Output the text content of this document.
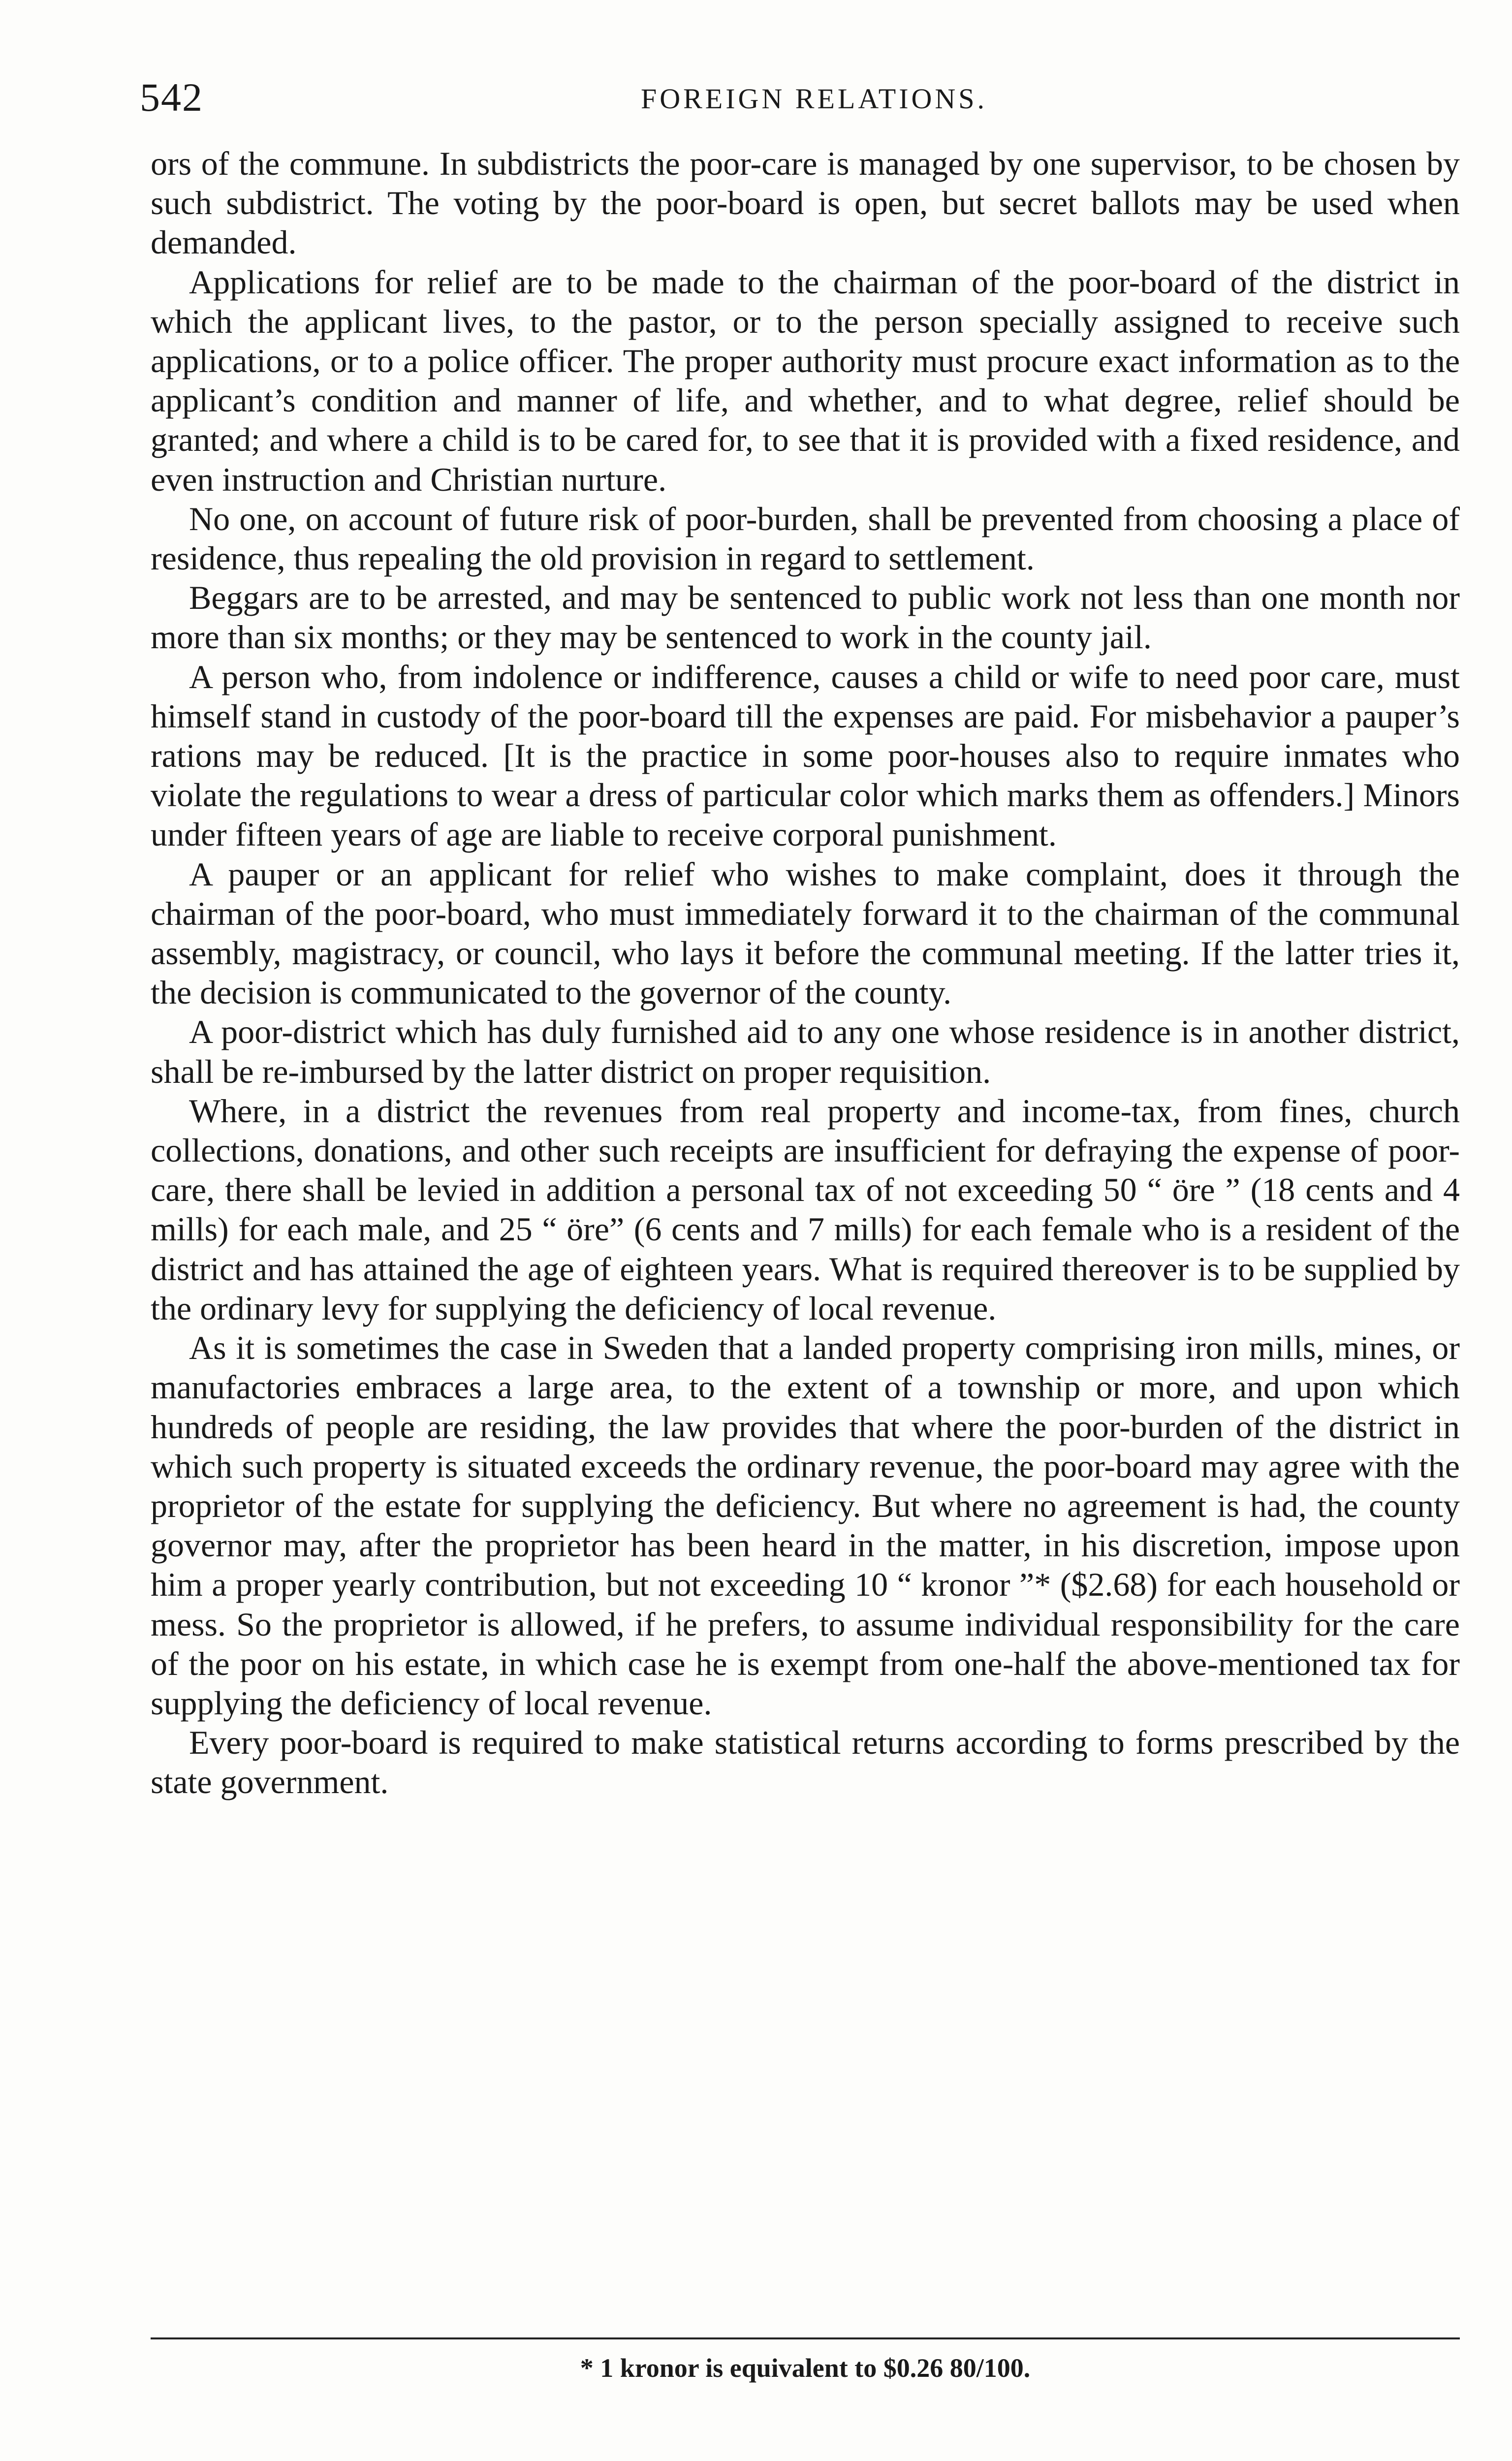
542	FOREIGN RELATIONS.

ors of the commune. In subdistricts the poor-care is managed by one supervisor, to be chosen by such subdistrict. The voting by the poor-board is open, but secret ballots may be used when demanded.

Applications for relief are to be made to the chairman of the poor-board of the district in which the applicant lives, to the pastor, or to the person specially assigned to receive such applications, or to a police officer. The proper authority must procure exact information as to the applicant’s condition and manner of life, and whether, and to what degree, relief should be granted; and where a child is to be cared for, to see that it is provided with a fixed residence, and even instruction and Christian nurture.

No one, on account of future risk of poor-burden, shall be prevented from choosing a place of residence, thus repealing the old provision in regard to settlement.

Beggars are to be arrested, and may be sentenced to public work not less than one month nor more than six months; or they may be sentenced to work in the county jail.

A person who, from indolence or indifference, causes a child or wife to need poor care, must himself stand in custody of the poor-board till the expenses are paid. For misbehavior a pauper’s rations may be reduced. [It is the practice in some poor-houses also to require inmates who violate the regulations to wear a dress of particular color which marks them as offenders.] Minors under fifteen years of age are liable to receive corporal punishment.

A pauper or an applicant for relief who wishes to make complaint, does it through the chairman of the poor-board, who must immediately forward it to the chairman of the communal assembly, magistracy, or council, who lays it before the communal meeting. If the latter tries it, the decision is communicated to the governor of the county.

A poor-district which has duly furnished aid to any one whose residence is in another district, shall be re-imbursed by the latter district on proper requisition.

Where, in a district the revenues from real property and income-tax, from fines, church collections, donations, and other such receipts are insufficient for defraying the expense of poor-care, there shall be levied in addition a personal tax of not exceeding 50 “ öre ” (18 cents and 4 mills) for each male, and 25 “ öre” (6 cents and 7 mills) for each female who is a resident of the district and has attained the age of eighteen years. What is required thereover is to be supplied by the ordinary levy for supplying the deficiency of local revenue.

As it is sometimes the case in Sweden that a landed property comprising iron mills, mines, or manufactories embraces a large area, to the extent of a township or more, and upon which hundreds of people are residing, the law provides that where the poor-burden of the district in which such property is situated exceeds the ordinary revenue, the poor-board may agree with the proprietor of the estate for supplying the deficiency. But where no agreement is had, the county governor may, after the proprietor has been heard in the matter, in his discretion, impose upon him a proper yearly contribution, but not exceeding 10 “ kronor ”* ($2.68) for each household or mess. So the proprietor is allowed, if he prefers, to assume individual responsibility for the care of the poor on his estate, in which case he is exempt from one-half the above-mentioned tax for supplying the deficiency of local revenue.

Every poor-board is required to make statistical returns according to forms prescribed by the state government.

* 1 kronor is equivalent to $0.26 80/100.
